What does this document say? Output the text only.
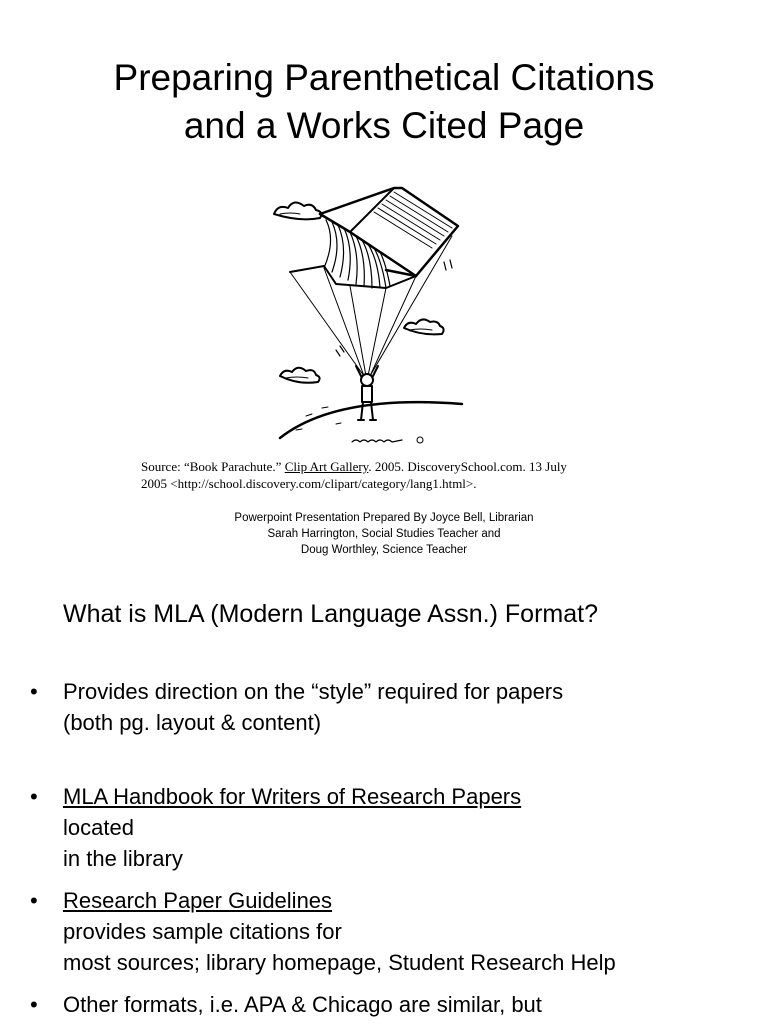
Preparing Parenthetical Citations
and a Works Cited Page
Source: “Book Parachute.” Clip Art Gallery. 2005. DiscoverySchool.com. 13 July
2005 <http://school.discovery.com/clipart/category/lang1.html>.
Powerpoint Presentation Prepared By Joyce Bell, Librarian
Sarah Harrington, Social Studies Teacher and
Doug Worthley, Science Teacher
What is MLA (Modern Language Assn.) Format?
•	Provides direction on the “style” required for papers
(both pg. layout & content)
•	MLA Handbook for Writers of Research Papers
located
in the library
•	Research Paper Guidelines
provides sample citations for
most sources; library homepage, Student Research Help
•	Other formats, i.e. APA & Chicago are similar, but
